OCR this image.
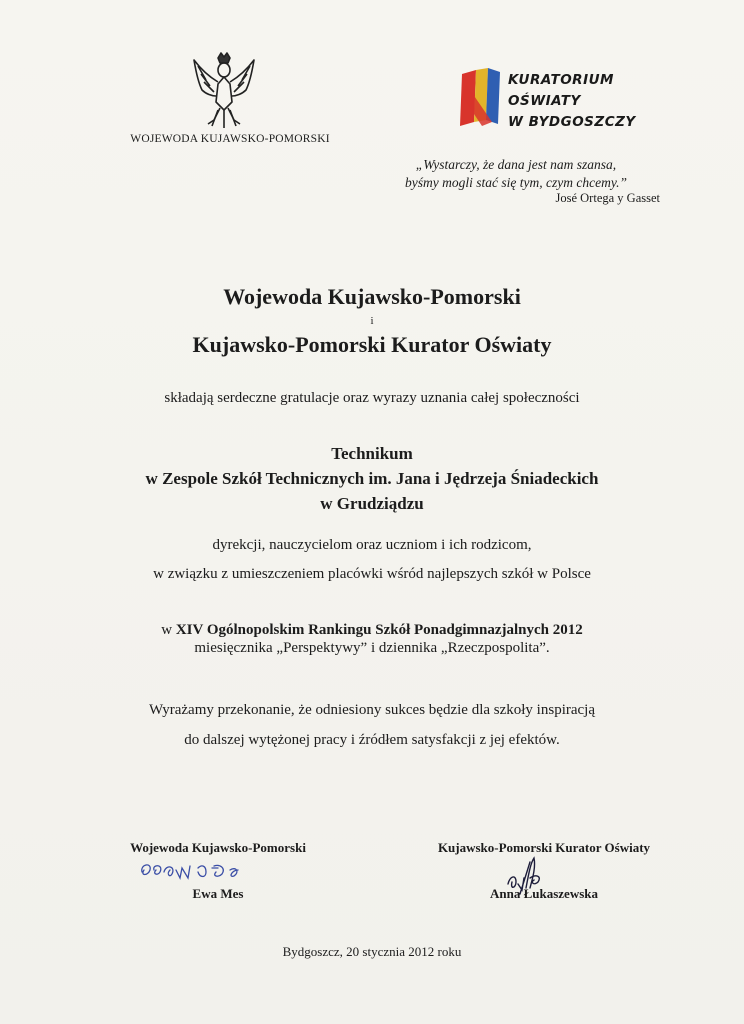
WOJEWODA KUJAWSKO-POMORSKI
KURATORIUM OŚWIATY
W BYDGOSZCZY
„Wystarczy, że dana jest nam szansa,
byśmy mogli stać się tym, czym chcemy.”
José Ortega y Gasset
Wojewoda Kujawsko-Pomorski
i
Kujawsko-Pomorski Kurator Oświaty
składają serdeczne gratulacje oraz wyrazy uznania całej społeczności
Technikum
w Zespole Szkół Technicznych im. Jana i Jędrzeja Śniadeckich
w Grudziądzu
dyrekcji, nauczycielom oraz uczniom i ich rodzicom,
w związku z umieszczeniem placówki wśród najlepszych szkół w Polsce
w XIV Ogólnopolskim Rankingu Szkół Ponadgimnazjalnych 2012
miesięcznika „Perspektywy” i dziennika „Rzeczpospolita”.
Wyrażamy przekonanie, że odniesiony sukces będzie dla szkoły inspiracją
do dalszej wytężonej pracy i źródłem satysfakcji z jej efektów.
Wojewoda Kujawsko-Pomorski
Ewa Mes
Kujawsko-Pomorski Kurator Oświaty
Anna Łukaszewska
Bydgoszcz, 20 stycznia 2012 roku
